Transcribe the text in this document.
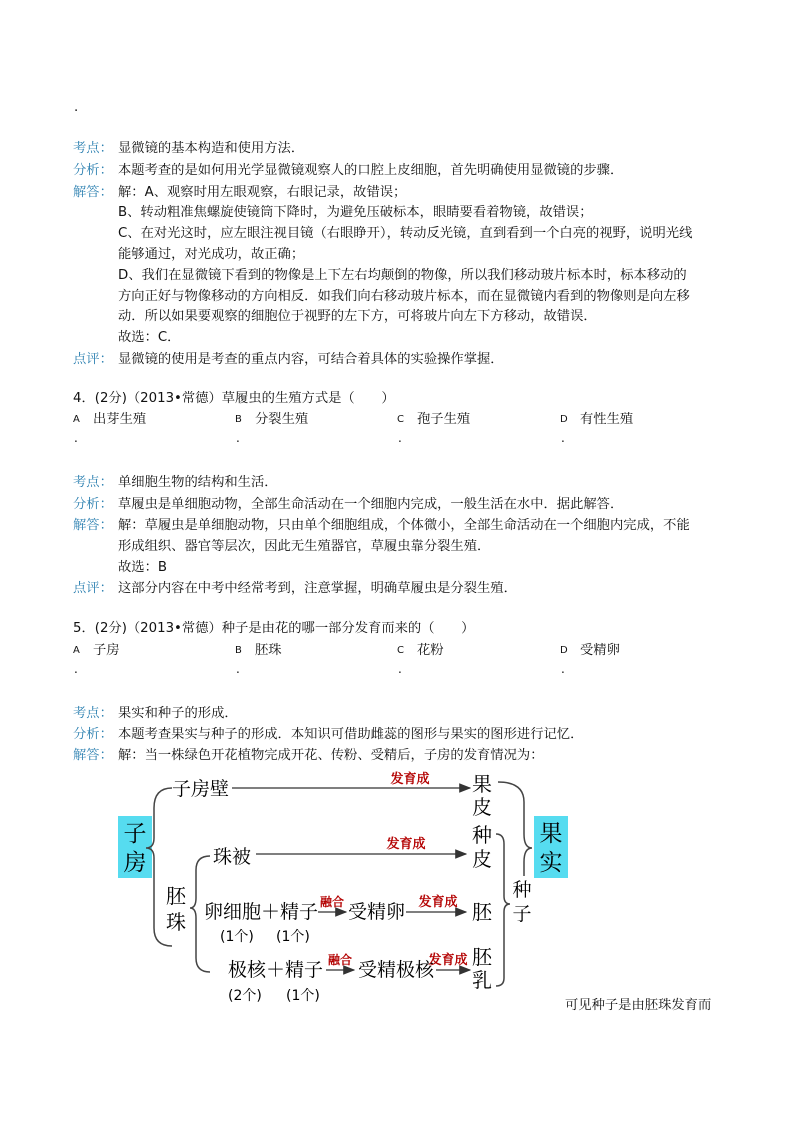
.
考点： 显微镜的基本构造和使用方法．
分析： 本题考查的是如何用光学显微镜观察人的口腔上皮细胞，首先明确使用显微镜的步骤．
解答： 解：A、观察时用左眼观察，右眼记录，故错误；
B、转动粗准焦螺旋使镜筒下降时，为避免压破标本，眼睛要看着物镜，故错误；
C、在对光这时，应左眼注视目镜（右眼睁开），转动反光镜，直到看到一个白亮的视野，说明光线
能够通过，对光成功，故正确；
D、我们在显微镜下看到的物像是上下左右均颠倒的物像，所以我们移动玻片标本时，标本移动的
方向正好与物像移动的方向相反．如我们向右移动玻片标本，而在显微镜内看到的物像则是向左移
动．所以如果要观察的细胞位于视野的左下方，可将玻片向左下方移动，故错误．
故选：C．
点评： 显微镜的使用是考查的重点内容，可结合着具体的实验操作掌握．
4．(2分)（2013•常德）草履虫的生殖方式是（　　）
A 出芽生殖	B 分裂生殖	C 孢子生殖	D 有性生殖
.	.	.	.
考点： 单细胞生物的结构和生活．
分析： 草履虫是单细胞动物，全部生命活动在一个细胞内完成，一般生活在水中．据此解答．
解答： 解：草履虫是单细胞动物，只由单个细胞组成，个体微小，全部生命活动在一个细胞内完成，不能
形成组织、器官等层次，因此无生殖器官，草履虫靠分裂生殖．
故选：B
点评： 这部分内容在中考中经常考到，注意掌握，明确草履虫是分裂生殖．
5．(2分)（2013•常德）种子是由花的哪一部分发育而来的（　　）
A 子房	B 胚珠	C 花粉	D 受精卵
.	.	.	.
考点： 果实和种子的形成．
分析： 本题考查果实与种子的形成．本知识可借助雌蕊的图形与果实的图形进行记忆．
解答： 解：当一株绿色开花植物完成开花、传粉、受精后，子房的发育情况为：
子
房
子房壁	发育成 果
皮
胚
珠
珠被
发育成 种
皮
卵细胞＋精子
(1个) (1个)
融合 受精卵 发育成 胚
极核＋精子
(2个) (1个)
融合 受精极核
发育成 胚
乳
种
子
果
实
可见种子是由胚珠发育而
